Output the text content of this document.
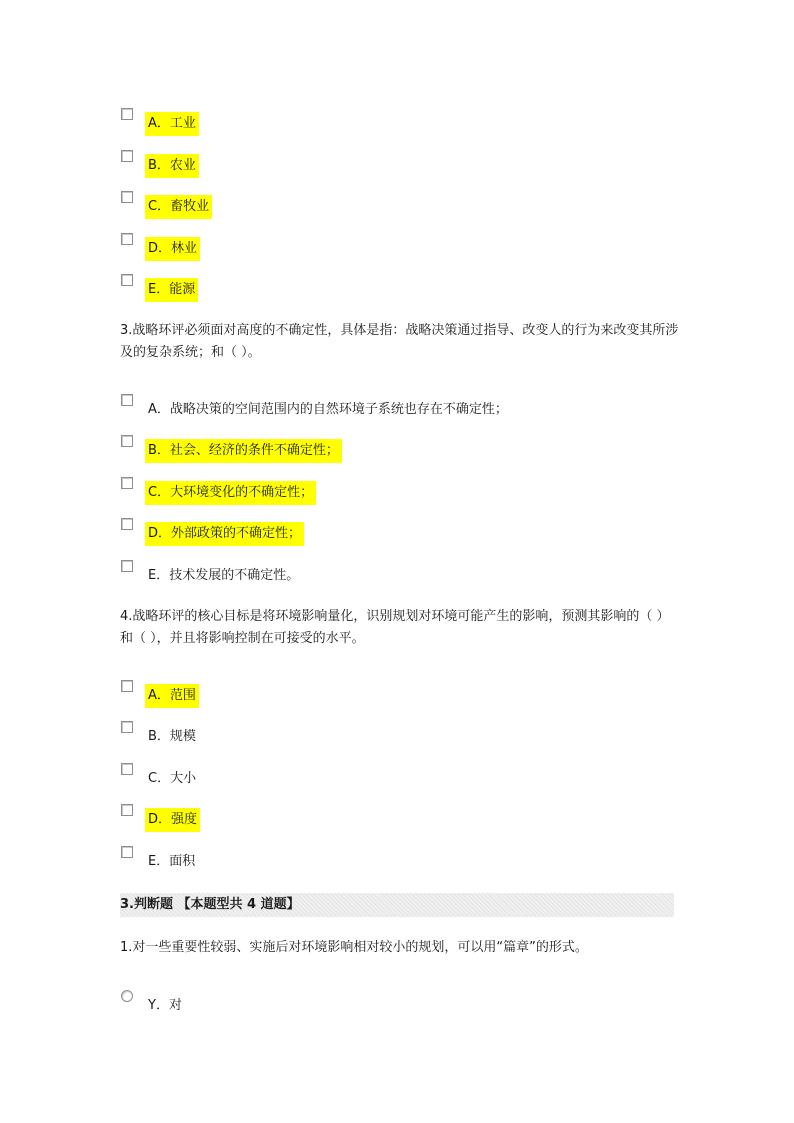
A．工业
B．农业
C．畜牧业
D．林业
E．能源
3.战略环评必须面对高度的不确定性，具体是指：战略决策通过指导、改变人的行为来改变其所涉及的复杂系统；和（ ）。
A．战略决策的空间范围内的自然环境子系统也存在不确定性；
B．社会、经济的条件不确定性；
C．大环境变化的不确定性；
D．外部政策的不确定性；
E．技术发展的不确定性。
4.战略环评的核心目标是将环境影响量化，识别规划对环境可能产生的影响，预测其影响的（ ）和（ ），并且将影响控制在可接受的水平。
A．范围
B．规模
C．大小
D．强度
E．面积
3.判断题 【本题型共 4 道题】
1.对一些重要性较弱、实施后对环境影响相对较小的规划，可以用“篇章”的形式。
Y．对
